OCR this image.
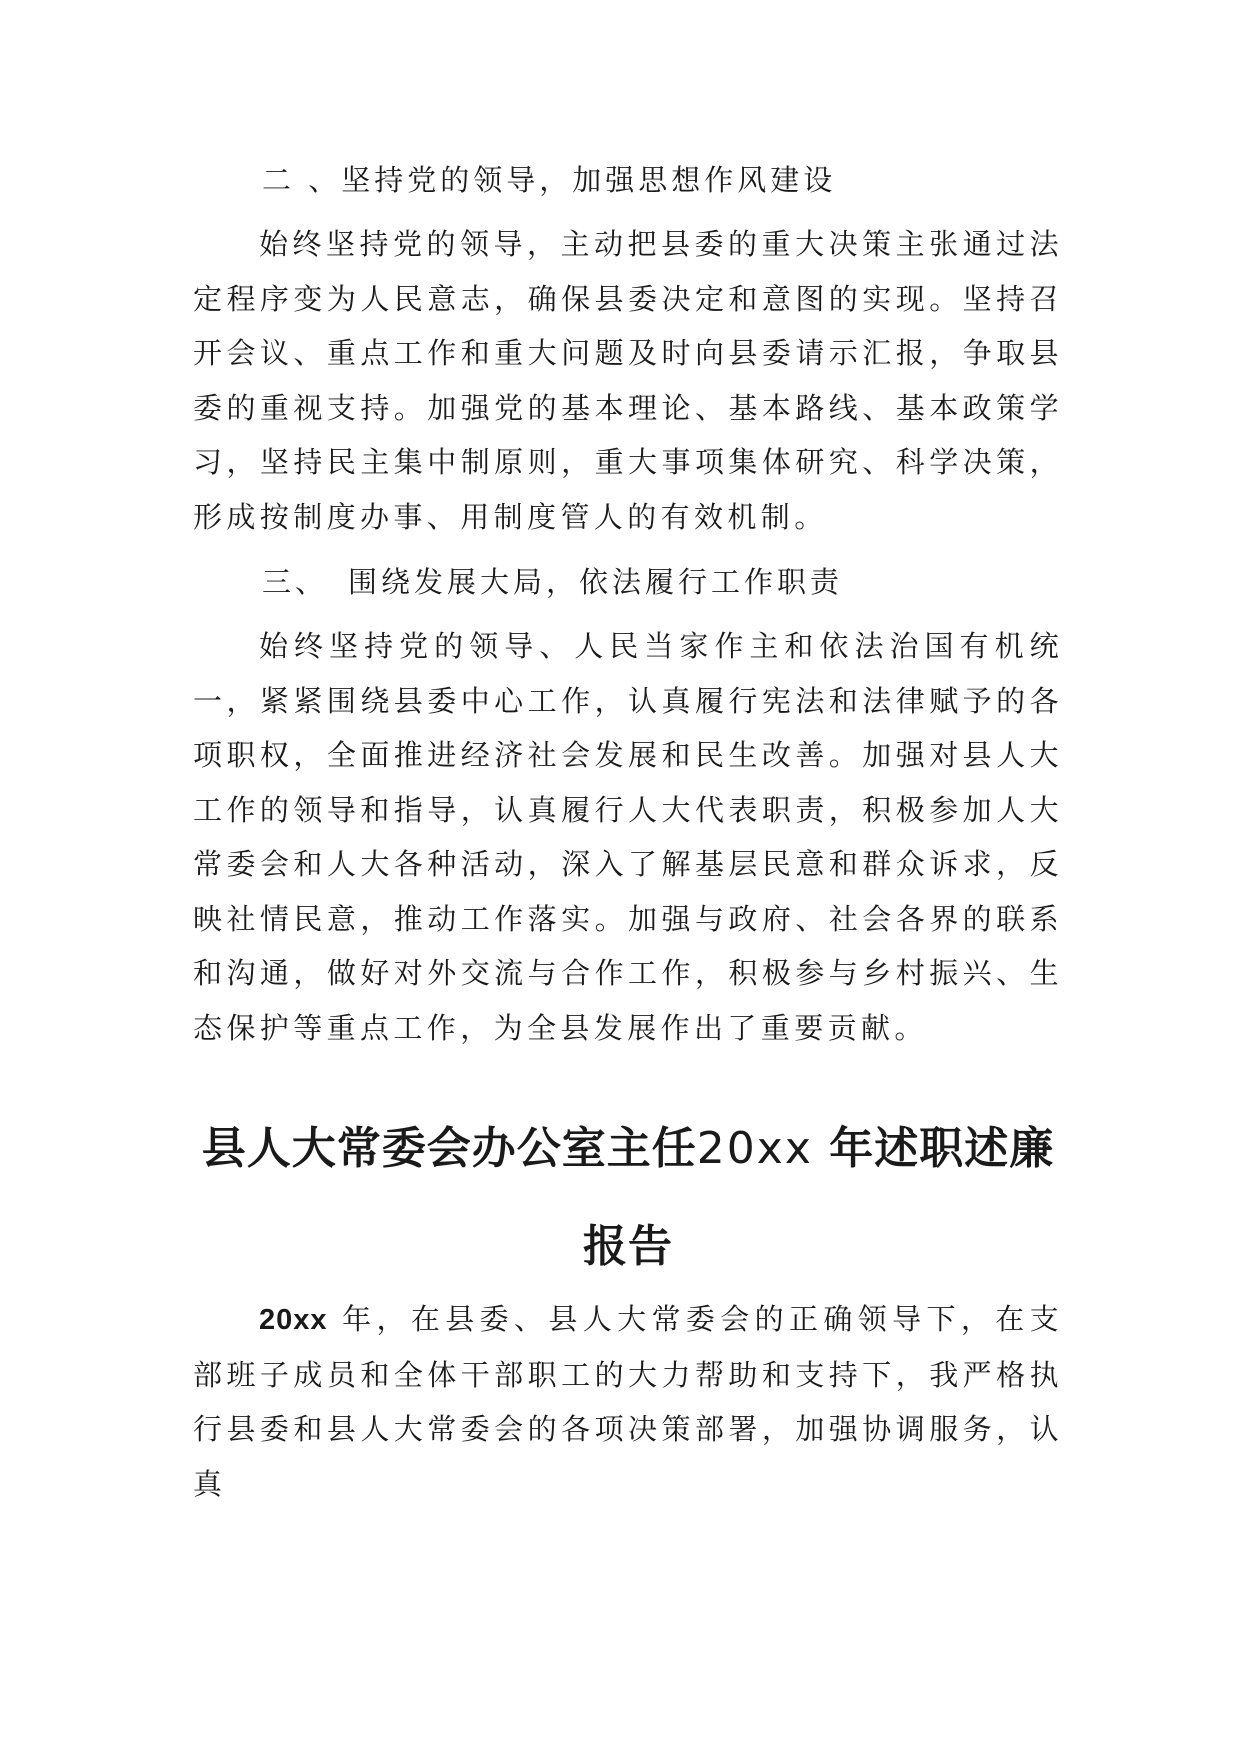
二 、坚持党的领导，加强思想作风建设

始终坚持党的领导，主动把县委的重大决策主张通过法定程序变为人民意志，确保县委决定和意图的实现。坚持召开会议、重点工作和重大问题及时向县委请示汇报，争取县委的重视支持。加强党的基本理论、基本路线、基本政策学习，坚持民主集中制原则，重大事项集体研究、科学决策，形成按制度办事、用制度管人的有效机制。

三、 围绕发展大局，依法履行工作职责

始终坚持党的领导、人民当家作主和依法治国有机统一，紧紧围绕县委中心工作，认真履行宪法和法律赋予的各项职权，全面推进经济社会发展和民生改善。加强对县人大工作的领导和指导，认真履行人大代表职责，积极参加人大常委会和人大各种活动，深入了解基层民意和群众诉求，反映社情民意，推动工作落实。加强与政府、社会各界的联系和沟通，做好对外交流与合作工作，积极参与乡村振兴、生态保护等重点工作，为全县发展作出了重要贡献。

县人大常委会办公室主任20xx 年述职述廉
报告

20xx 年，在县委、县人大常委会的正确领导下，在支部班子成员和全体干部职工的大力帮助和支持下，我严格执行县委和县人大常委会的各项决策部署，加强协调服务，认真
